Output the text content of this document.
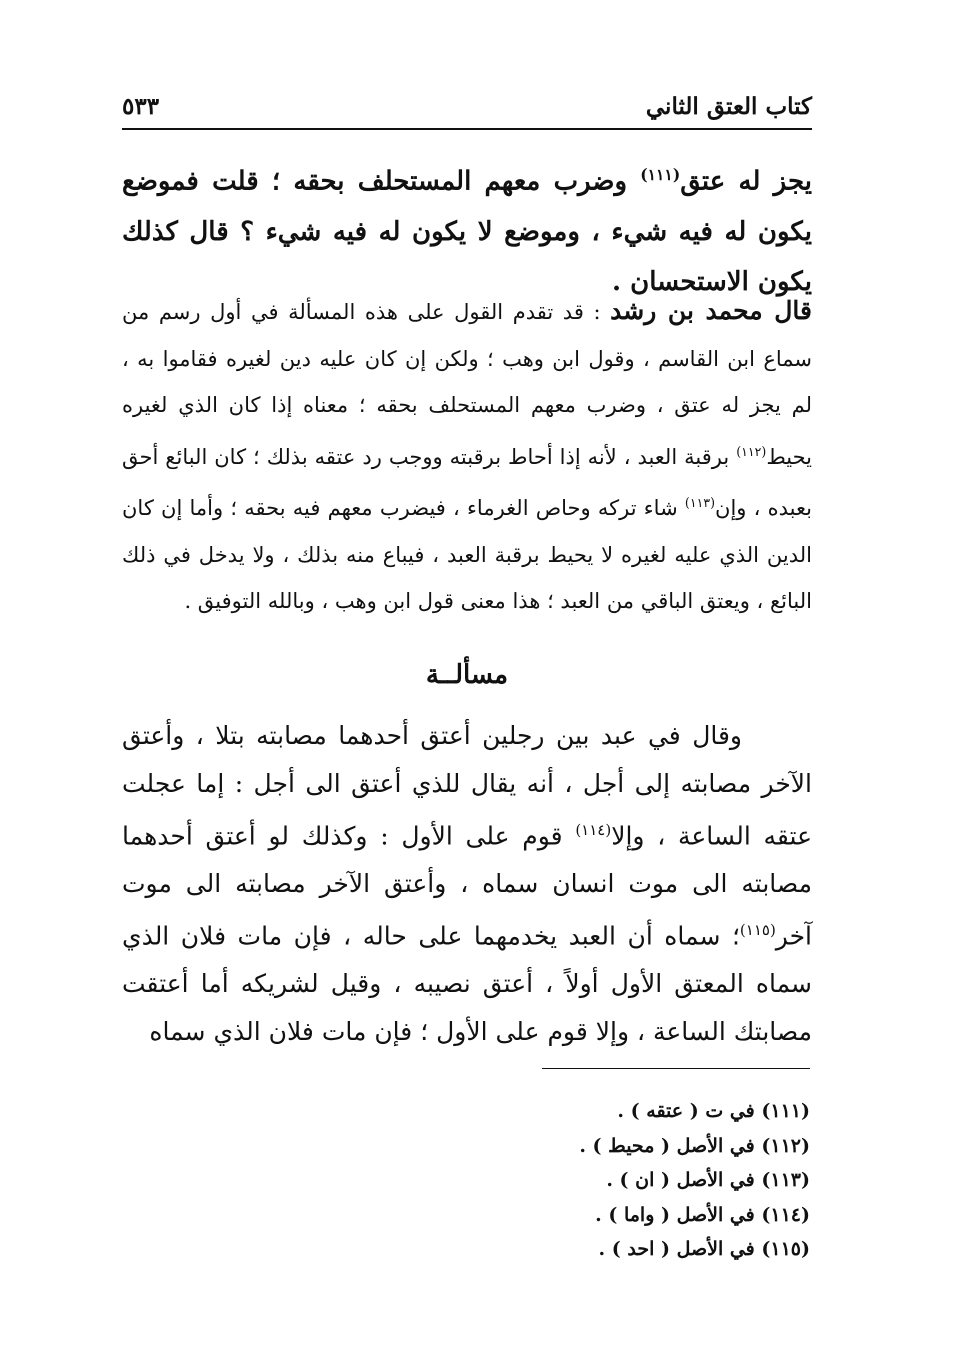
كتاب العتق الثاني
٥٣٣

يجز له عتق$^{(١١١)}$ وضرب معهم المستحلف بحقه ؛ قلت فموضع يكون له فيه شيء ، وموضع لا يكون له فيه شيء ؟ قال كذلك يكون الاستحسان .

قال محمد بن رشد : قد تقدم القول على هذه المسألة في أول رسم من سماع ابن القاسم ، وقول ابن وهب ؛ ولكن إن كان عليه دين لغيره فقاموا به ، لم يجز له عتق ، وضرب معهم المستحلف بحقه ؛ معناه إذا كان الذي لغيره يحيط$^{(١١٢)}$ برقبة العبد ، لأنه إذا أحاط برقبته ووجب رد عتقه بذلك ؛ كان البائع أحق بعبده ، وإن$^{(١١٣)}$ شاء تركه وحاص الغرماء ، فيضرب معهم فيه بحقه ؛ وأما إن كان الدين الذي عليه لغيره لا يحيط برقبة العبد ، فيباع منه بذلك ، ولا يدخل في ذلك البائع ، ويعتق الباقي من العبد ؛ هذا معنى قول ابن وهب ، وبالله التوفيق .

مسألــة

وقال في عبد بين رجلين أعتق أحدهما مصابته بتلا ، وأعتق الآخر مصابته إلى أجل ، أنه يقال للذي أعتق الى أجل : إما عجلت عتقه الساعة ، وإلا$^{(١١٤)}$ قوم على الأول : وكذلك لو أعتق أحدهما مصابته الى موت انسان سماه ، وأعتق الآخر مصابته الى موت آخر$^{(١١٥)}$؛ سماه أن العبد يخدمهما على حاله ، فإن مات فلان الذي سماه المعتق الأول أولاً ، أعتق نصيبه ، وقيل لشريكه أما أعتقت مصابتك الساعة ، وإلا قوم على الأول ؛ فإن مات فلان الذي سماه

(١١١) في ت ( عتقه ) .
(١١٢) في الأصل ( محيط ) .
(١١٣) في الأصل ( ان ) .
(١١٤) في الأصل ( واما ) .
(١١٥) في الأصل ( احد ) .
